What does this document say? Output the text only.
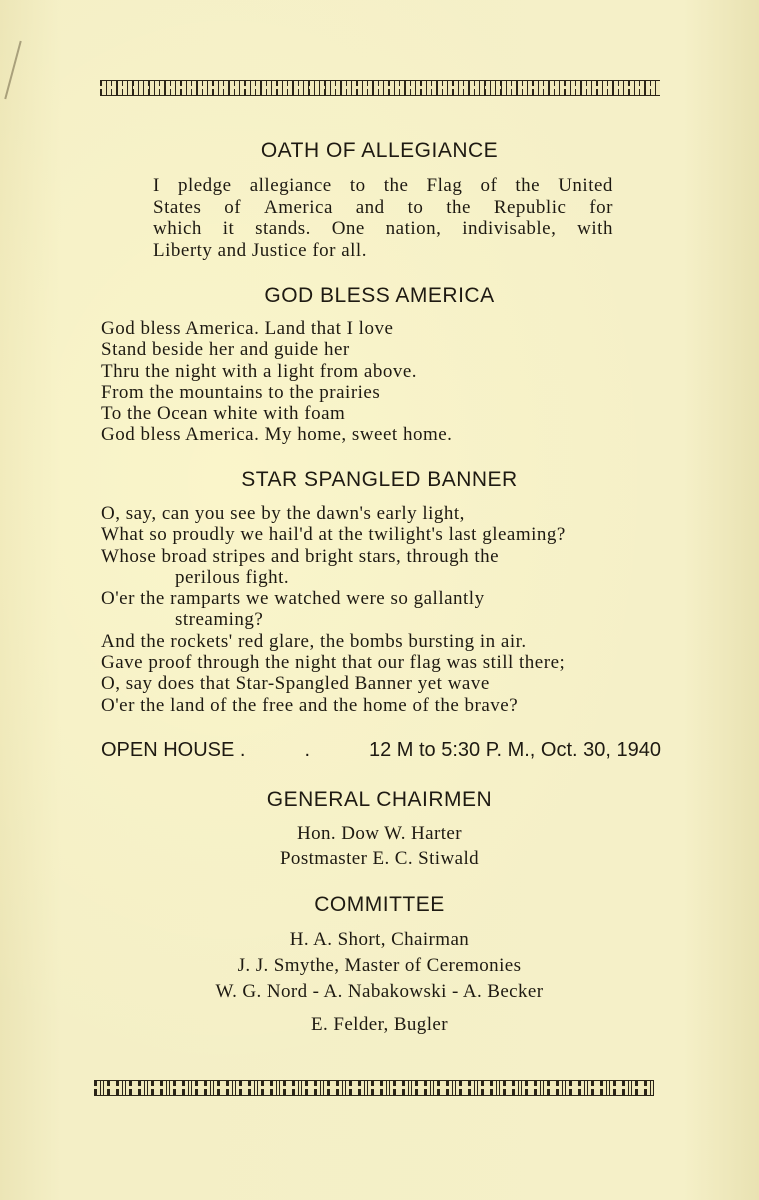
OATH OF ALLEGIANCE
I pledge allegiance to the Flag of the United
States of America and to the Republic for
which it stands. One nation, indivisable, with
Liberty and Justice for all.
GOD BLESS AMERICA
God bless America. Land that I love
Stand beside her and guide her
Thru the night with a light from above.
From the mountains to the prairies
To the Ocean white with foam
God bless America. My home, sweet home.
STAR SPANGLED BANNER
O, say, can you see by the dawn's early light,
What so proudly we hail'd at the twilight's last gleaming?
Whose broad stripes and bright stars, through the
perilous fight.
O'er the ramparts we watched were so gallantly
streaming?
And the rockets' red glare, the bombs bursting in air.
Gave proof through the night that our flag was still there;
O, say does that Star-Spangled Banner yet wave
O'er the land of the free and the home of the brave?
OPEN HOUSE .	.	12 M to 5:30 P. M., Oct. 30, 1940
GENERAL CHAIRMEN
Hon. Dow W. Harter
Postmaster E. C. Stiwald
COMMITTEE
H. A. Short, Chairman
J. J. Smythe, Master of Ceremonies
W. G. Nord - A. Nabakowski - A. Becker
E. Felder, Bugler
